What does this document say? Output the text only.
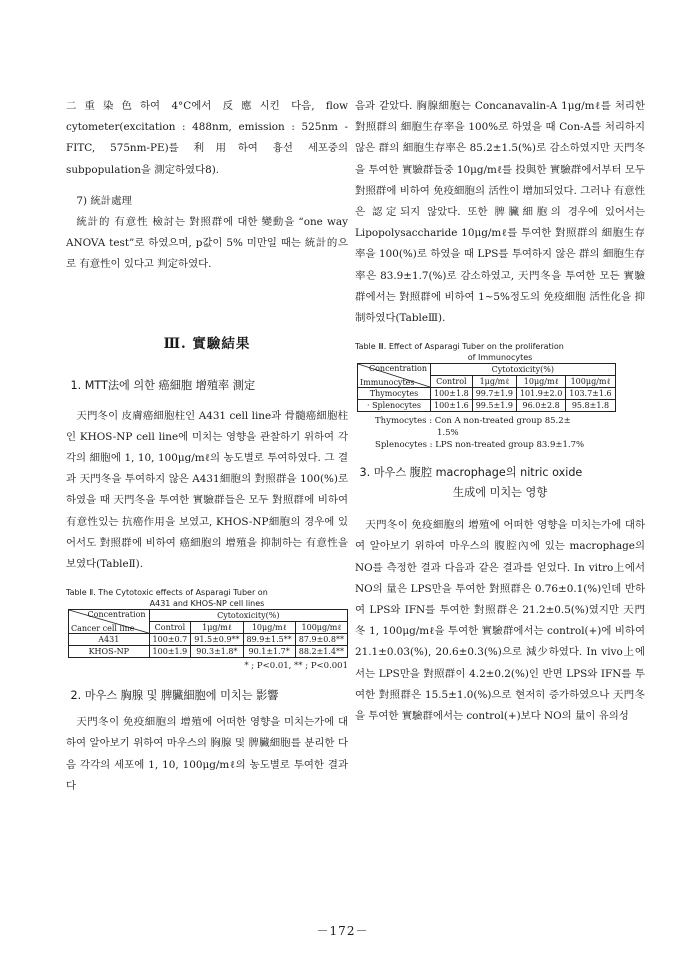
二重染色하여 4°C에서 反應시킨 다음, flow cytometer(excitation : 488nm, emission : 525nm -FITC, 575nm-PE)를 利用하여 흉선 세포중의 subpopulation을 測定하였다8).

7) 統計處理

統計的 有意性 檢討는 對照群에 대한 變動을 “one way ANOVA test”로 하였으며, p값이 5% 미만일 때는 統計的으로 有意性이 있다고 判定하였다.

Ⅲ. 實驗結果

1. MTT法에 의한 癌細胞 增殖率 測定

天門冬이 皮膚癌細胞柱인 A431 cell line과 骨髓癌細胞柱인 KHOS-NP cell line에 미치는 영향을 관찰하기 위하여 각각의 細胞에 1, 10, 100μg/mℓ의 농도별로 투여하였다. 그 결과 天門冬을 투여하지 않은 A431細胞의 對照群을 100(%)로 하였을 때 天門冬을 투여한 實驗群들은 모두 對照群에 비하여 有意性있는 抗癌作用을 보였고, KHOS-NP細胞의 경우에 있어서도 對照群에 비하여 癌細胞의 增殖을 抑制하는 有意性을 보였다(TableⅡ).

Table Ⅱ. The Cytotoxic effects of Asparagi Tuber on

A431 and KHOS-NP cell lines

Concentration
Cancer cell line	Cytotoxicity(%)			
	Control	1μg/mℓ	10μg/mℓ	100μg/mℓ
A431	100±0.7	91.5±0.9**	89.9±1.5**	87.9±0.8**
KHOS-NP	100±1.9	90.3±1.8*	90.1±1.7*	88.2±1.4**

* ; P<0.01, ** ; P<0.001

2. 마우스 胸腺 및 脾臟細胞에 미치는 影響

天門冬이 免疫細胞의 增殖에 어떠한 영향을 미치는가에 대하여 알아보기 위하여 마우스의 胸腺 및 脾臟細胞를 분리한 다음 각각의 세포에 1, 10, 100μg/mℓ의 농도별로 투여한 결과 다

음과 같았다. 胸腺細胞는 Concanavalin-A 1μg/mℓ를 처리한 對照群의 細胞生存率을 100%로 하였을 때 Con-A를 처리하지 않은 群의 細胞生存率은 85.2±1.5(%)로 감소하였지만 天門冬을 투여한 實驗群들중 10μg/mℓ를 投與한 實驗群에서부터 모두 對照群에 비하여 免疫細胞의 活性이 增加되었다. 그러나 有意性은 認定되지 않았다. 또한 脾臟細胞의 경우에 있어서는 Lipopolysaccharide 10μg/mℓ를 투여한 對照群의 細胞生存率을 100(%)로 하였을 때 LPS를 투여하지 않은 群의 細胞生存率은 83.9±1.7(%)로 감소하였고, 天門冬을 투여한 모든 實驗群에서는 對照群에 비하여 1~5%정도의 免疫細胞 活性化을 抑制하였다(TableⅢ).

Table Ⅲ. Effect of Asparagi Tuber on the proliferation

of Immunocytes

Concentration
Immunocytes	Cytotoxicity(%)			
	Control	1μg/mℓ	10μg/mℓ	100μg/mℓ
Thymocytes	100±1.8	99.7±1.9	101.9±2.0	103.7±1.6
· Splenocytes	100±1.6	99.5±1.9	96.0±2.8	95.8±1.8

Thymocytes : Con A non-treated group 85.2±

1.5%

Splenocytes : LPS non-treated group 83.9±1.7%

3. 마우스 腹腔 macrophage의 nitric oxide

生成에 미치는 영향

天門冬이 免疫細胞의 增殖에 어떠한 영향을 미치는가에 대하여 알아보기 위하여 마우스의 腹腔內에 있는 macrophage의 NO를 측정한 결과 다음과 같은 결과를 얻었다. In vitro上에서 NO의 量은 LPS만을 투여한 對照群은 0.76±0.1(%)인데 반하여 LPS와 IFN를 투여한 對照群은 21.2±0.5(%)였지만 天門冬 1, 100μg/mℓ을 투여한 實驗群에서는 control(+)에 비하여 21.1±0.03(%), 20.6±0.3(%)으로 減少하였다. In vivo上에서는 LPS만을 對照群이 4.2±0.2(%)인 반면 LPS와 IFN를 투여한 對照群은 15.5±1.0(%)으로 현저히 증가하였으나 天門冬을 투여한 實驗群에서는 control(+)보다 NO의 量이 유의성

－172－
